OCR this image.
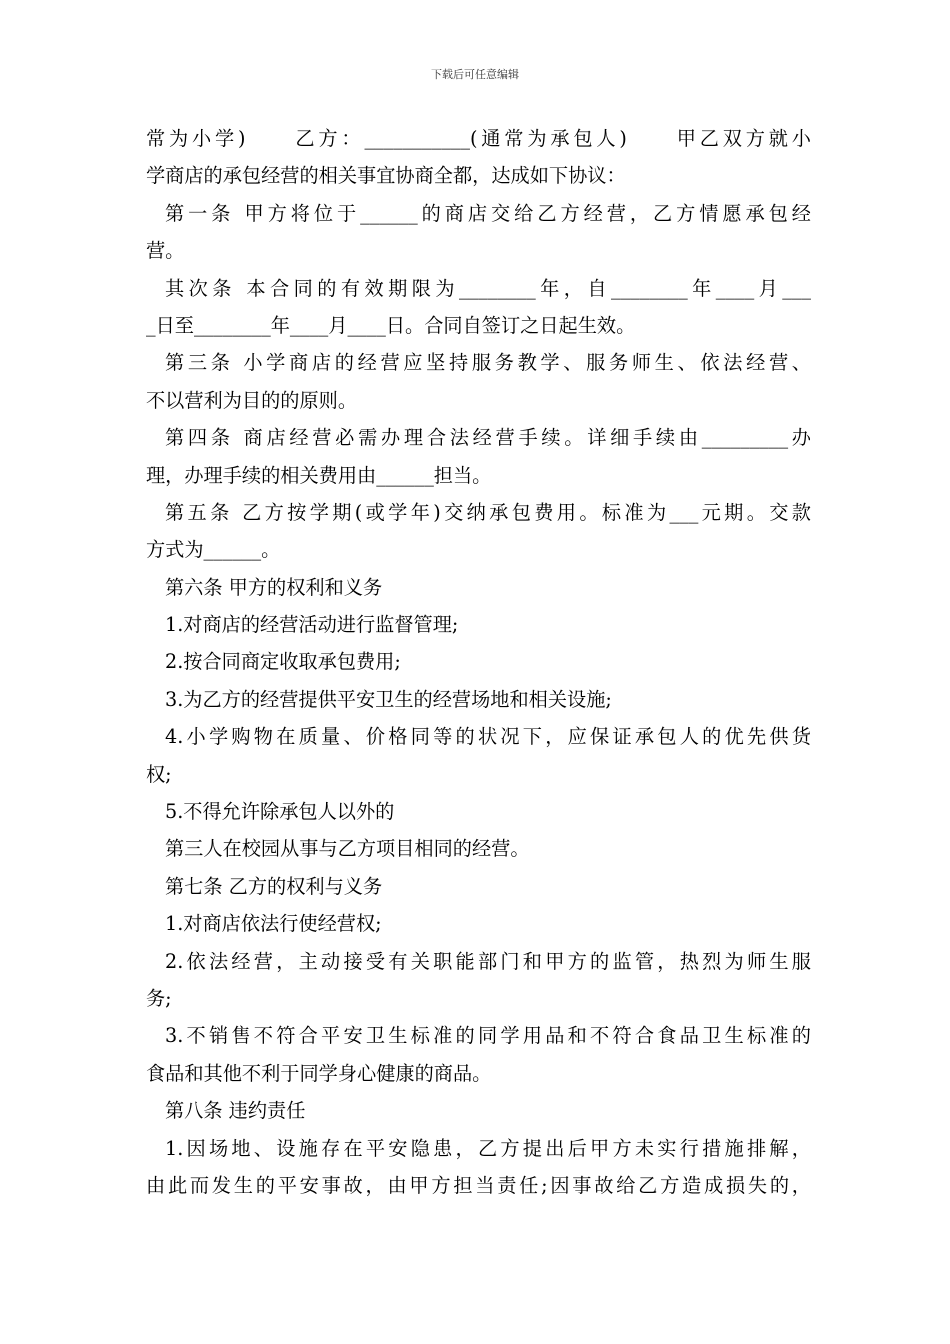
下载后可任意编辑
常为小学)　　乙方：___________(通常为承包人)　　甲乙双方就小
学商店的承包经营的相关事宜协商全都，达成如下协议：
第一条 甲方将位于______的商店交给乙方经营，乙方情愿承包经
营。
其次条 本合同的有效期限为________年，自________年____月___
_日至________年____月____日。合同自签订之日起生效。
第三条 小学商店的经营应坚持服务教学、服务师生、依法经营、
不以营利为目的的原则。
第四条 商店经营必需办理合法经营手续。详细手续由_________办
理，办理手续的相关费用由______担当。
第五条 乙方按学期(或学年)交纳承包费用。标准为___元期。交款
方式为______。
第六条 甲方的权利和义务
1.对商店的经营活动进行监督管理;
2.按合同商定收取承包费用;
3.为乙方的经营提供平安卫生的经营场地和相关设施;
4.小学购物在质量、价格同等的状况下，应保证承包人的优先供货
权;
5.不得允许除承包人以外的
第三人在校园从事与乙方项目相同的经营。
第七条 乙方的权利与义务
1.对商店依法行使经营权;
2.依法经营，主动接受有关职能部门和甲方的监管，热烈为师生服
务;
3.不销售不符合平安卫生标准的同学用品和不符合食品卫生标准的
食品和其他不利于同学身心健康的商品。
第八条 违约责任
1.因场地、设施存在平安隐患，乙方提出后甲方未实行措施排解，
由此而发生的平安事故，由甲方担当责任;因事故给乙方造成损失的，
